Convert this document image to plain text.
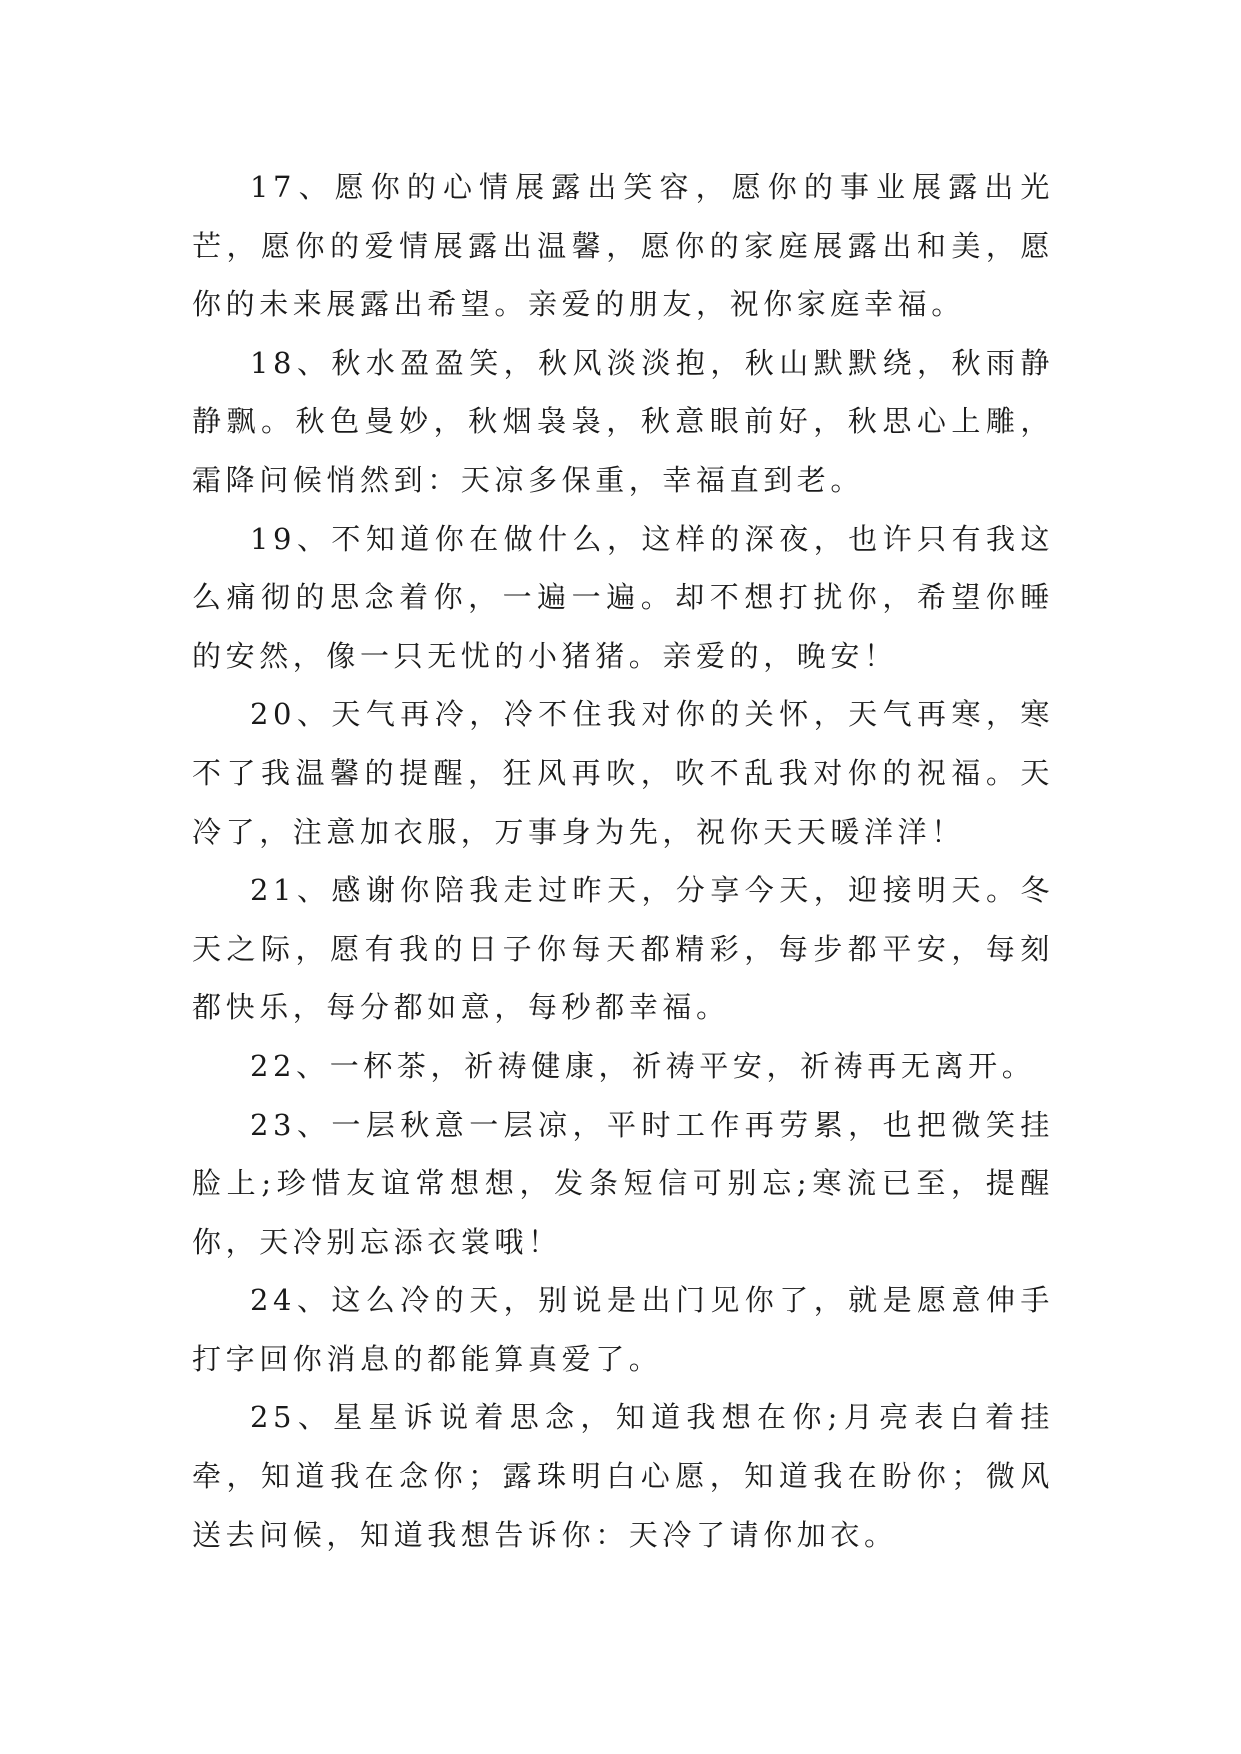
17、愿你的心情展露出笑容，愿你的事业展露出光芒，愿你的爱情展露出温馨，愿你的家庭展露出和美，愿你的未来展露出希望。亲爱的朋友，祝你家庭幸福。

18、秋水盈盈笑，秋风淡淡抱，秋山默默绕，秋雨静静飘。秋色曼妙，秋烟袅袅，秋意眼前好，秋思心上雕，霜降问候悄然到：天凉多保重，幸福直到老。

19、不知道你在做什么，这样的深夜，也许只有我这么痛彻的思念着你，一遍一遍。却不想打扰你，希望你睡的安然，像一只无忧的小猪猪。亲爱的，晚安！

20、天气再冷，冷不住我对你的关怀，天气再寒，寒不了我温馨的提醒，狂风再吹，吹不乱我对你的祝福。天冷了，注意加衣服，万事身为先，祝你天天暖洋洋！

21、感谢你陪我走过昨天，分享今天，迎接明天。冬天之际，愿有我的日子你每天都精彩，每步都平安，每刻都快乐，每分都如意，每秒都幸福。

22、一杯茶，祈祷健康，祈祷平安，祈祷再无离开。

23、一层秋意一层凉，平时工作再劳累，也把微笑挂脸上;珍惜友谊常想想，发条短信可别忘;寒流已至，提醒你，天冷别忘添衣裳哦！

24、这么冷的天，别说是出门见你了，就是愿意伸手打字回你消息的都能算真爱了。

25、星星诉说着思念，知道我想在你;月亮表白着挂牵，知道我在念你；露珠明白心愿，知道我在盼你；微风送去问候，知道我想告诉你：天冷了请你加衣。
